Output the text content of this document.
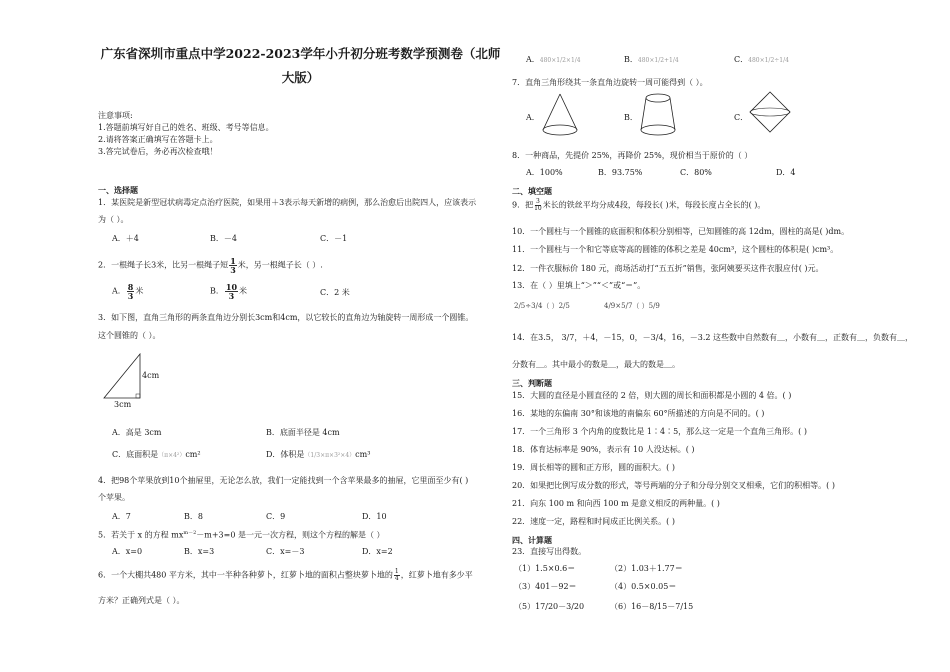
广东省深圳市重点中学2022-2023学年小升初分班考数学预测卷（北师大版）
注意事项:
1.答题前填写好自己的姓名、班级、考号等信息。
2.请将答案正确填写在答题卡上。
3.答完试卷后，务必再次检查哦！
一、选择题
1．某医院是新型冠状病毒定点治疗医院，如果用＋3表示每天新增的病例，那么治愈后出院四人，应该表示
为（ ）。
A．＋4	B．－4	C．－1
2．一根绳子长3米，比另一根绳子短 $\frac{1}{3}$ 米，另一根绳子长（ ）.
A． $\frac{8}{3}$ 米	B． $\frac{10}{3}$ 米	C．2 米
3．如下图，直角三角形的两条直角边分别长3cm和4cm，以它较长的直角边为轴旋转一周形成一个圆锥。
这个圆锥的（ ）。
4cm
3cm
A．高是 3cm	B．底面半径是 4cm
C．底面积是（π×4²）cm²	D．体积是（1/3×π×3²×4）cm³
4．把98个苹果放到10个抽屉里，无论怎么放，我们一定能找到一个含苹果最多的抽屉，它里面至少有( )
个苹果。
A．7	B．8	C．9	D．10
5．若关于 x 的方程 $mx^{m-2}-m+3=0$ 是一元一次方程，则这个方程的解是（ ）
A．x=0	B．x=3	C．x=－3	D．x=2
6．一个大棚共480 平方米，其中一半种各种萝卜，红萝卜地的面积占整块萝卜地的 $\frac{1}{4}$ ，红萝卜地有多少平
方米？正确列式是（ ）。
A．480×1/2×1/4	B．480×1/2+1/4	C．480×1/2÷1/4
7．直角三角形绕其一条直角边旋转一周可能得到（ ）。
A．	B．	C．
8．一种商品，先提价 25%，再降价 25%，现价相当于原价的（ ）
A．100%	B．93.75%	C．80%	D．4
二、填空题
9．把 $\frac{3}{10}$ 米长的铁丝平均分成4段，每段长( )米，每段长度占全长的( )。
10．一个圆柱与一个圆锥的底面积和体积分别相等，已知圆锥的高 12dm，圆柱的高是( )dm。
11．一个圆柱与一个和它等底等高的圆锥的体积之差是 40cm³，这个圆柱的体积是( )cm³。
12．一件衣服标价 180 元，商场活动打“五五折”销售，张阿姨要买这件衣服应付( )元。
13．在（ ）里填上“＞”“＜”或“＝”。
2/5÷3/4（ ）2/5	4/9×5/7（ ）5/9
14．在3.5， 3/7，＋4，－15，0，－3/4，16，－3.2 这些数中自然数有＿，小数有＿，正数有＿，负数有＿，
分数有＿。其中最小的数是＿，最大的数是＿。
三、判断题
15．大圆的直径是小圆直径的 2 倍，则大圆的周长和面积都是小圆的 4 倍。( )
16．某地的东偏南 30°和该地的南偏东 60°所描述的方向是不同的。( )
17．一个三角形 3 个内角的度数比是 1∶4∶5，那么这一定是一个直角三角形。( )
18．体育达标率是 90%，表示有 10 人没达标。( )
19．周长相等的圆和正方形，圆的面积大。( )
20．如果把比例写成分数的形式，等号两端的分子和分母分别交叉相乘，它们的积相等。( )
21．向东 100 m 和向西 100 m 是意义相反的两种量。( )
22．速度一定，路程和时间成正比例关系。( )
四、计算题
23．直接写出得数。
（1）1.5×0.6＝	（2）1.03＋1.77＝
（3）401－92＝	（4）0.5×0.05＝
（5）17/20－3/20	（6）16－8/15－7/15
